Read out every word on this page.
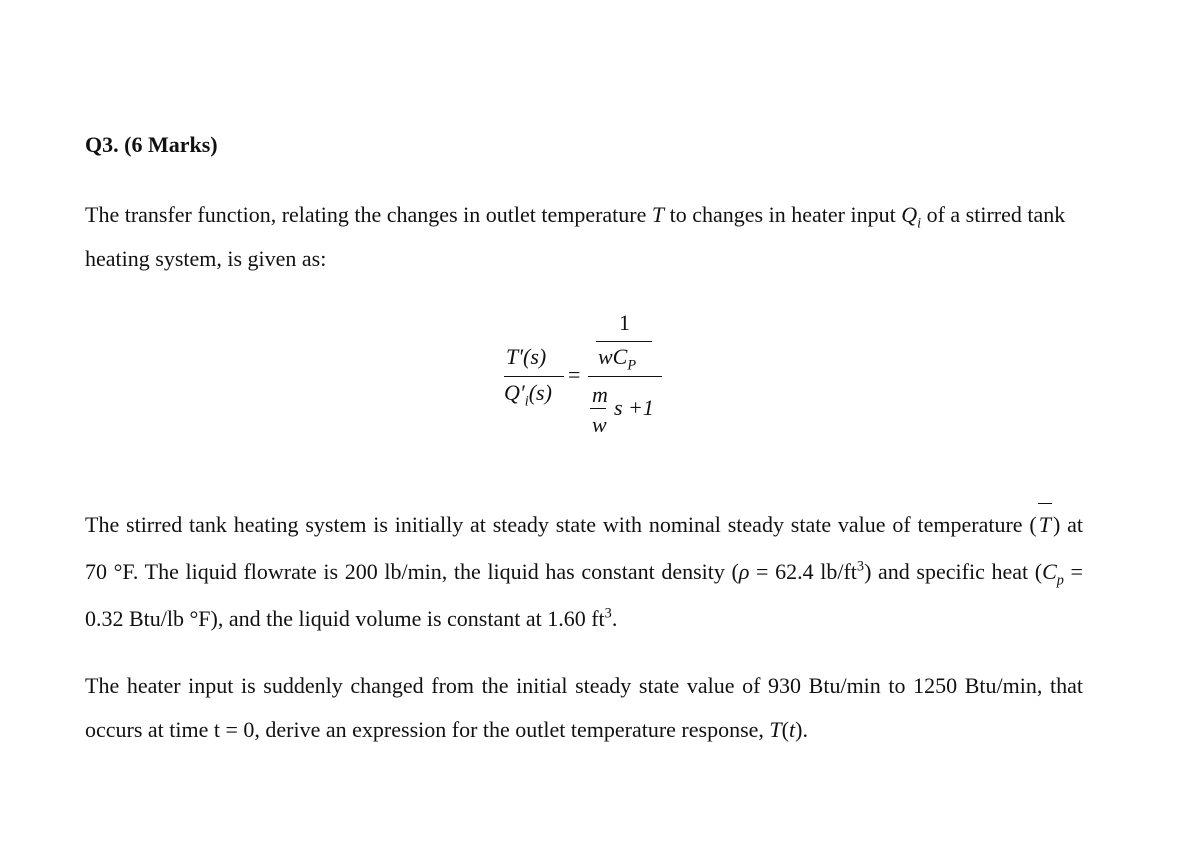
Q3. (6 Marks)

The transfer function, relating the changes in outlet temperature T to changes in heater input $Q_i$ of a stirred tank heating system, is given as:

T′(s)
$Q'_i(s)$
=
1
$wC_P$
m
w
s +1

The stirred tank heating system is initially at steady state with nominal steady state value of temperature (T) at 70 °F. The liquid flowrate is 200 lb/min, the liquid has constant density (ρ = 62.4 $lb/ft^3$) and specific heat ($C_p = 0.32$ Btu/lb °F), and the liquid volume is constant at 1.60 $ft^3$.

The heater input is suddenly changed from the initial steady state value of 930 Btu/min to 1250 Btu/min, that occurs at time t = 0, derive an expression for the outlet temperature response, T(t).
